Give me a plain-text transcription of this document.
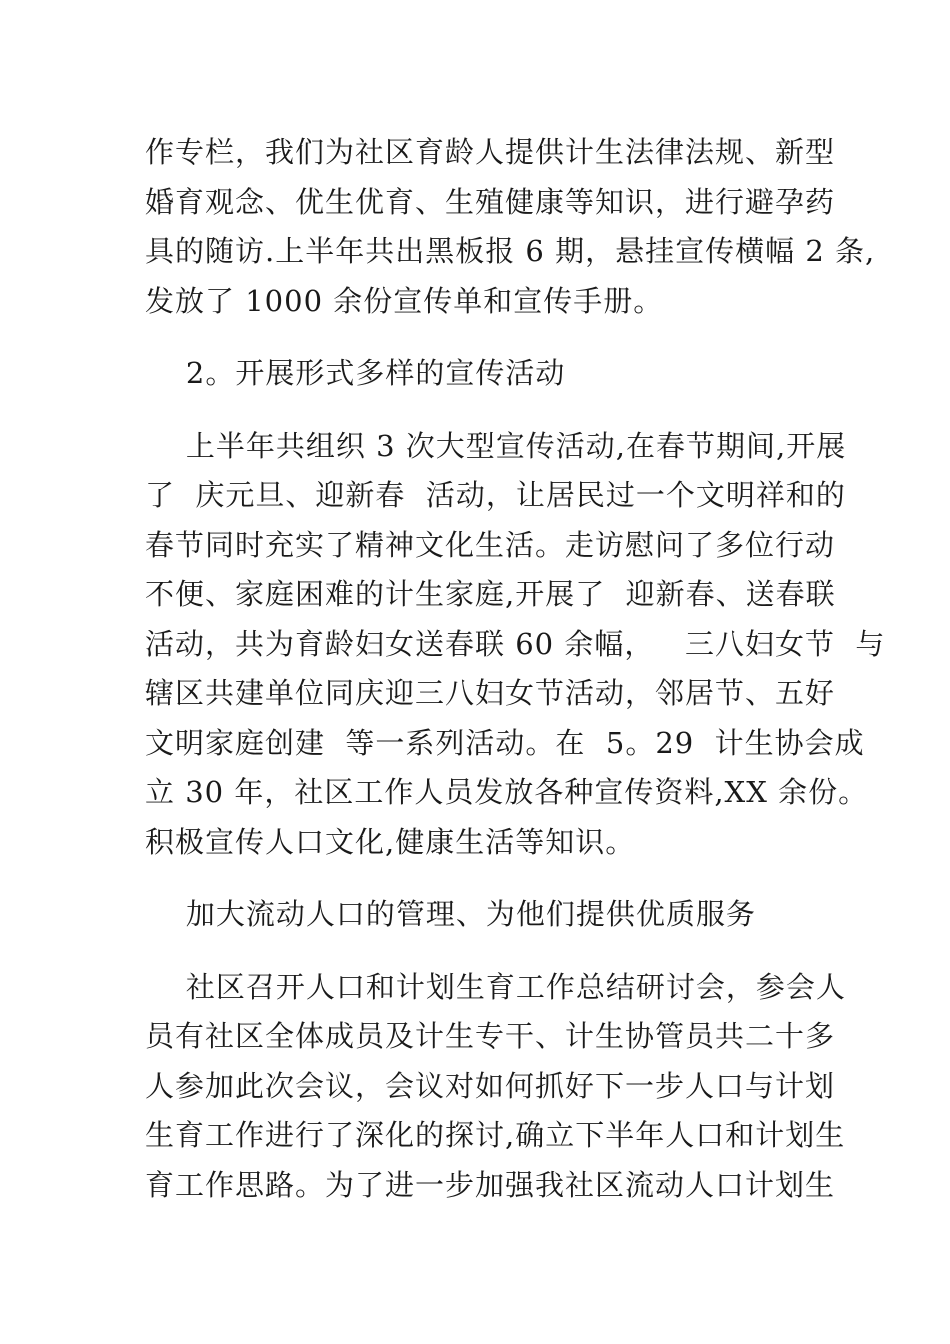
作专栏，我们为社区育龄人提供计生法律法规、新型
婚育观念、优生优育、生殖健康等知识，进行避孕药
具的随访.上半年共出黑板报 6 期，悬挂宣传横幅 2 条,
发放了 1000 余份宣传单和宣传手册。
2。开展形式多样的宣传活动
上半年共组织 3 次大型宣传活动,在春节期间,开展
了  庆元旦、迎新春  活动，让居民过一个文明祥和的
春节同时充实了精神文化生活。走访慰问了多位行动
不便、家庭困难的计生家庭,开展了  迎新春、送春联
活动，共为育龄妇女送春联 60 余幅，   三八妇女节  与
辖区共建单位同庆迎三八妇女节活动，邻居节、五好
文明家庭创建  等一系列活动。在  5。29  计生协会成
立 30 年，社区工作人员发放各种宣传资料,XX 余份。
积极宣传人口文化,健康生活等知识。
加大流动人口的管理、为他们提供优质服务
社区召开人口和计划生育工作总结研讨会，参会人
员有社区全体成员及计生专干、计生协管员共二十多
人参加此次会议，会议对如何抓好下一步人口与计划
生育工作进行了深化的探讨,确立下半年人口和计划生
育工作思路。为了进一步加强我社区流动人口计划生
